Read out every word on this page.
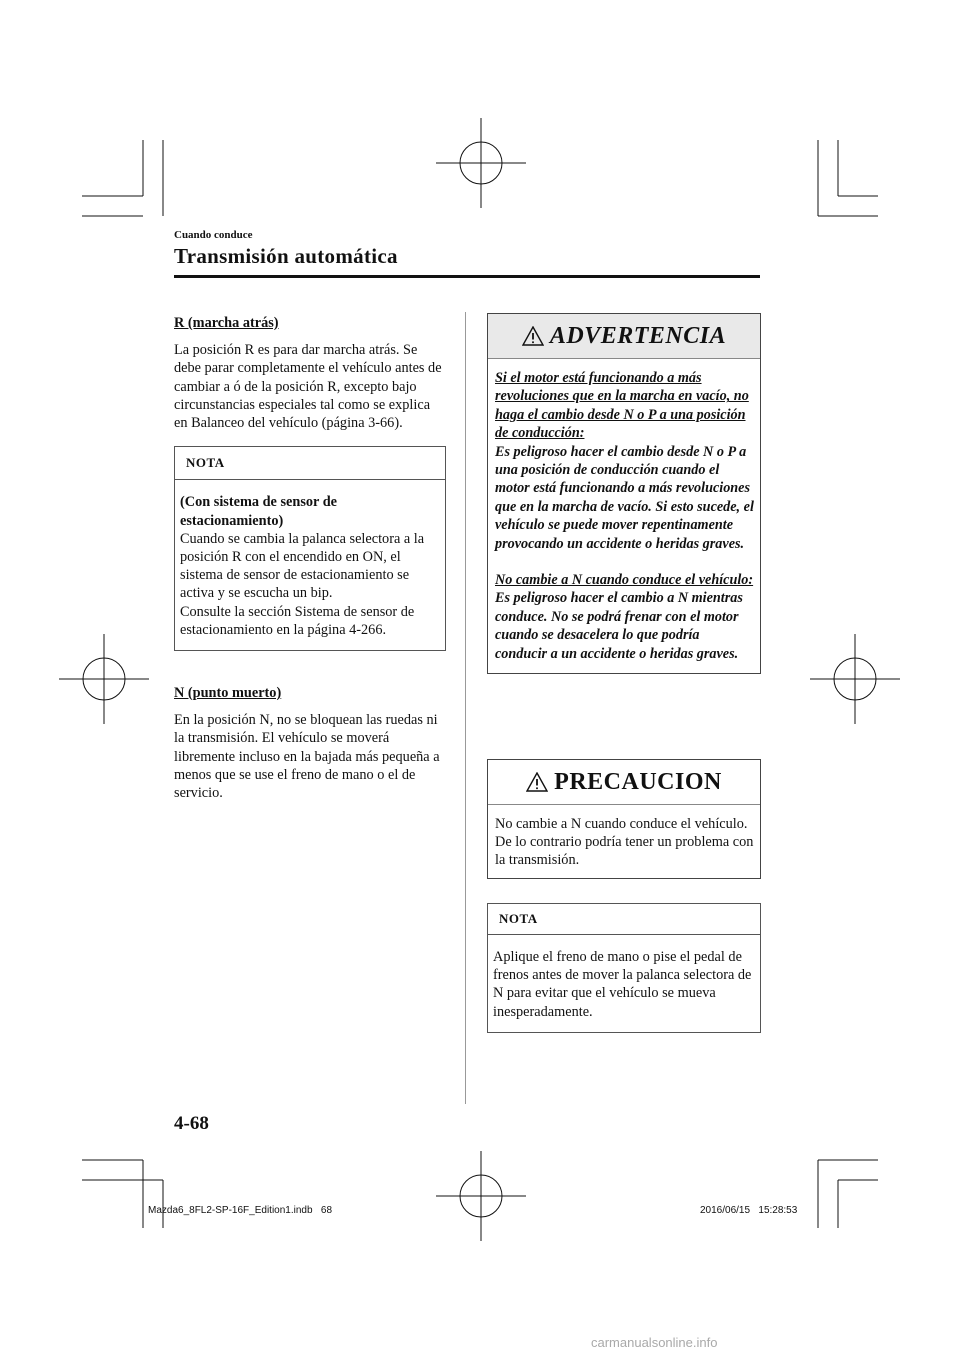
Cuando conduce
Transmisión automática
R (marcha atrás)

La posición R es para dar marcha atrás. Se debe parar completamente el vehículo antes de cambiar a ó de la posición R, excepto bajo circunstancias especiales tal como se explica en Balanceo del vehículo (página 3-66).

NOTA
(Con sistema de sensor de estacionamiento)
Cuando se cambia la palanca selectora a la posición R con el encendido en ON, el sistema de sensor de estacionamiento se activa y se escucha un bip.
Consulte la sección Sistema de sensor de estacionamiento en la página 4-266.
N (punto muerto)

En la posición N, no se bloquean las ruedas ni la transmisión. El vehículo se moverá libremente incluso en la bajada más pequeña a menos que se use el freno de mano o el de servicio.

ADVERTENCIA
Si el motor está funcionando a más revoluciones que en la marcha en vacío, no haga el cambio desde N o P a una posición de conducción:
Es peligroso hacer el cambio desde N o P a una posición de conducción cuando el motor está funcionando a más revoluciones que en la marcha de vacío. Si esto sucede, el vehículo se puede mover repentinamente provocando un accidente o heridas graves.
No cambie a N cuando conduce el vehículo:
Es peligroso hacer el cambio a N mientras conduce. No se podrá frenar con el motor cuando se desacelera lo que podría conducir a un accidente o heridas graves.
PRECAUCION
No cambie a N cuando conduce el vehículo. De lo contrario podría tener un problema con la transmisión.
NOTA
Aplique el freno de mano o pise el pedal de frenos antes de mover la palanca selectora de N para evitar que el vehículo se mueva inesperadamente.
4-68
Mazda6_8FL2-SP-16F_Edition1.indb   68	2016/06/15   15:28:53
carmanualsonline.info
